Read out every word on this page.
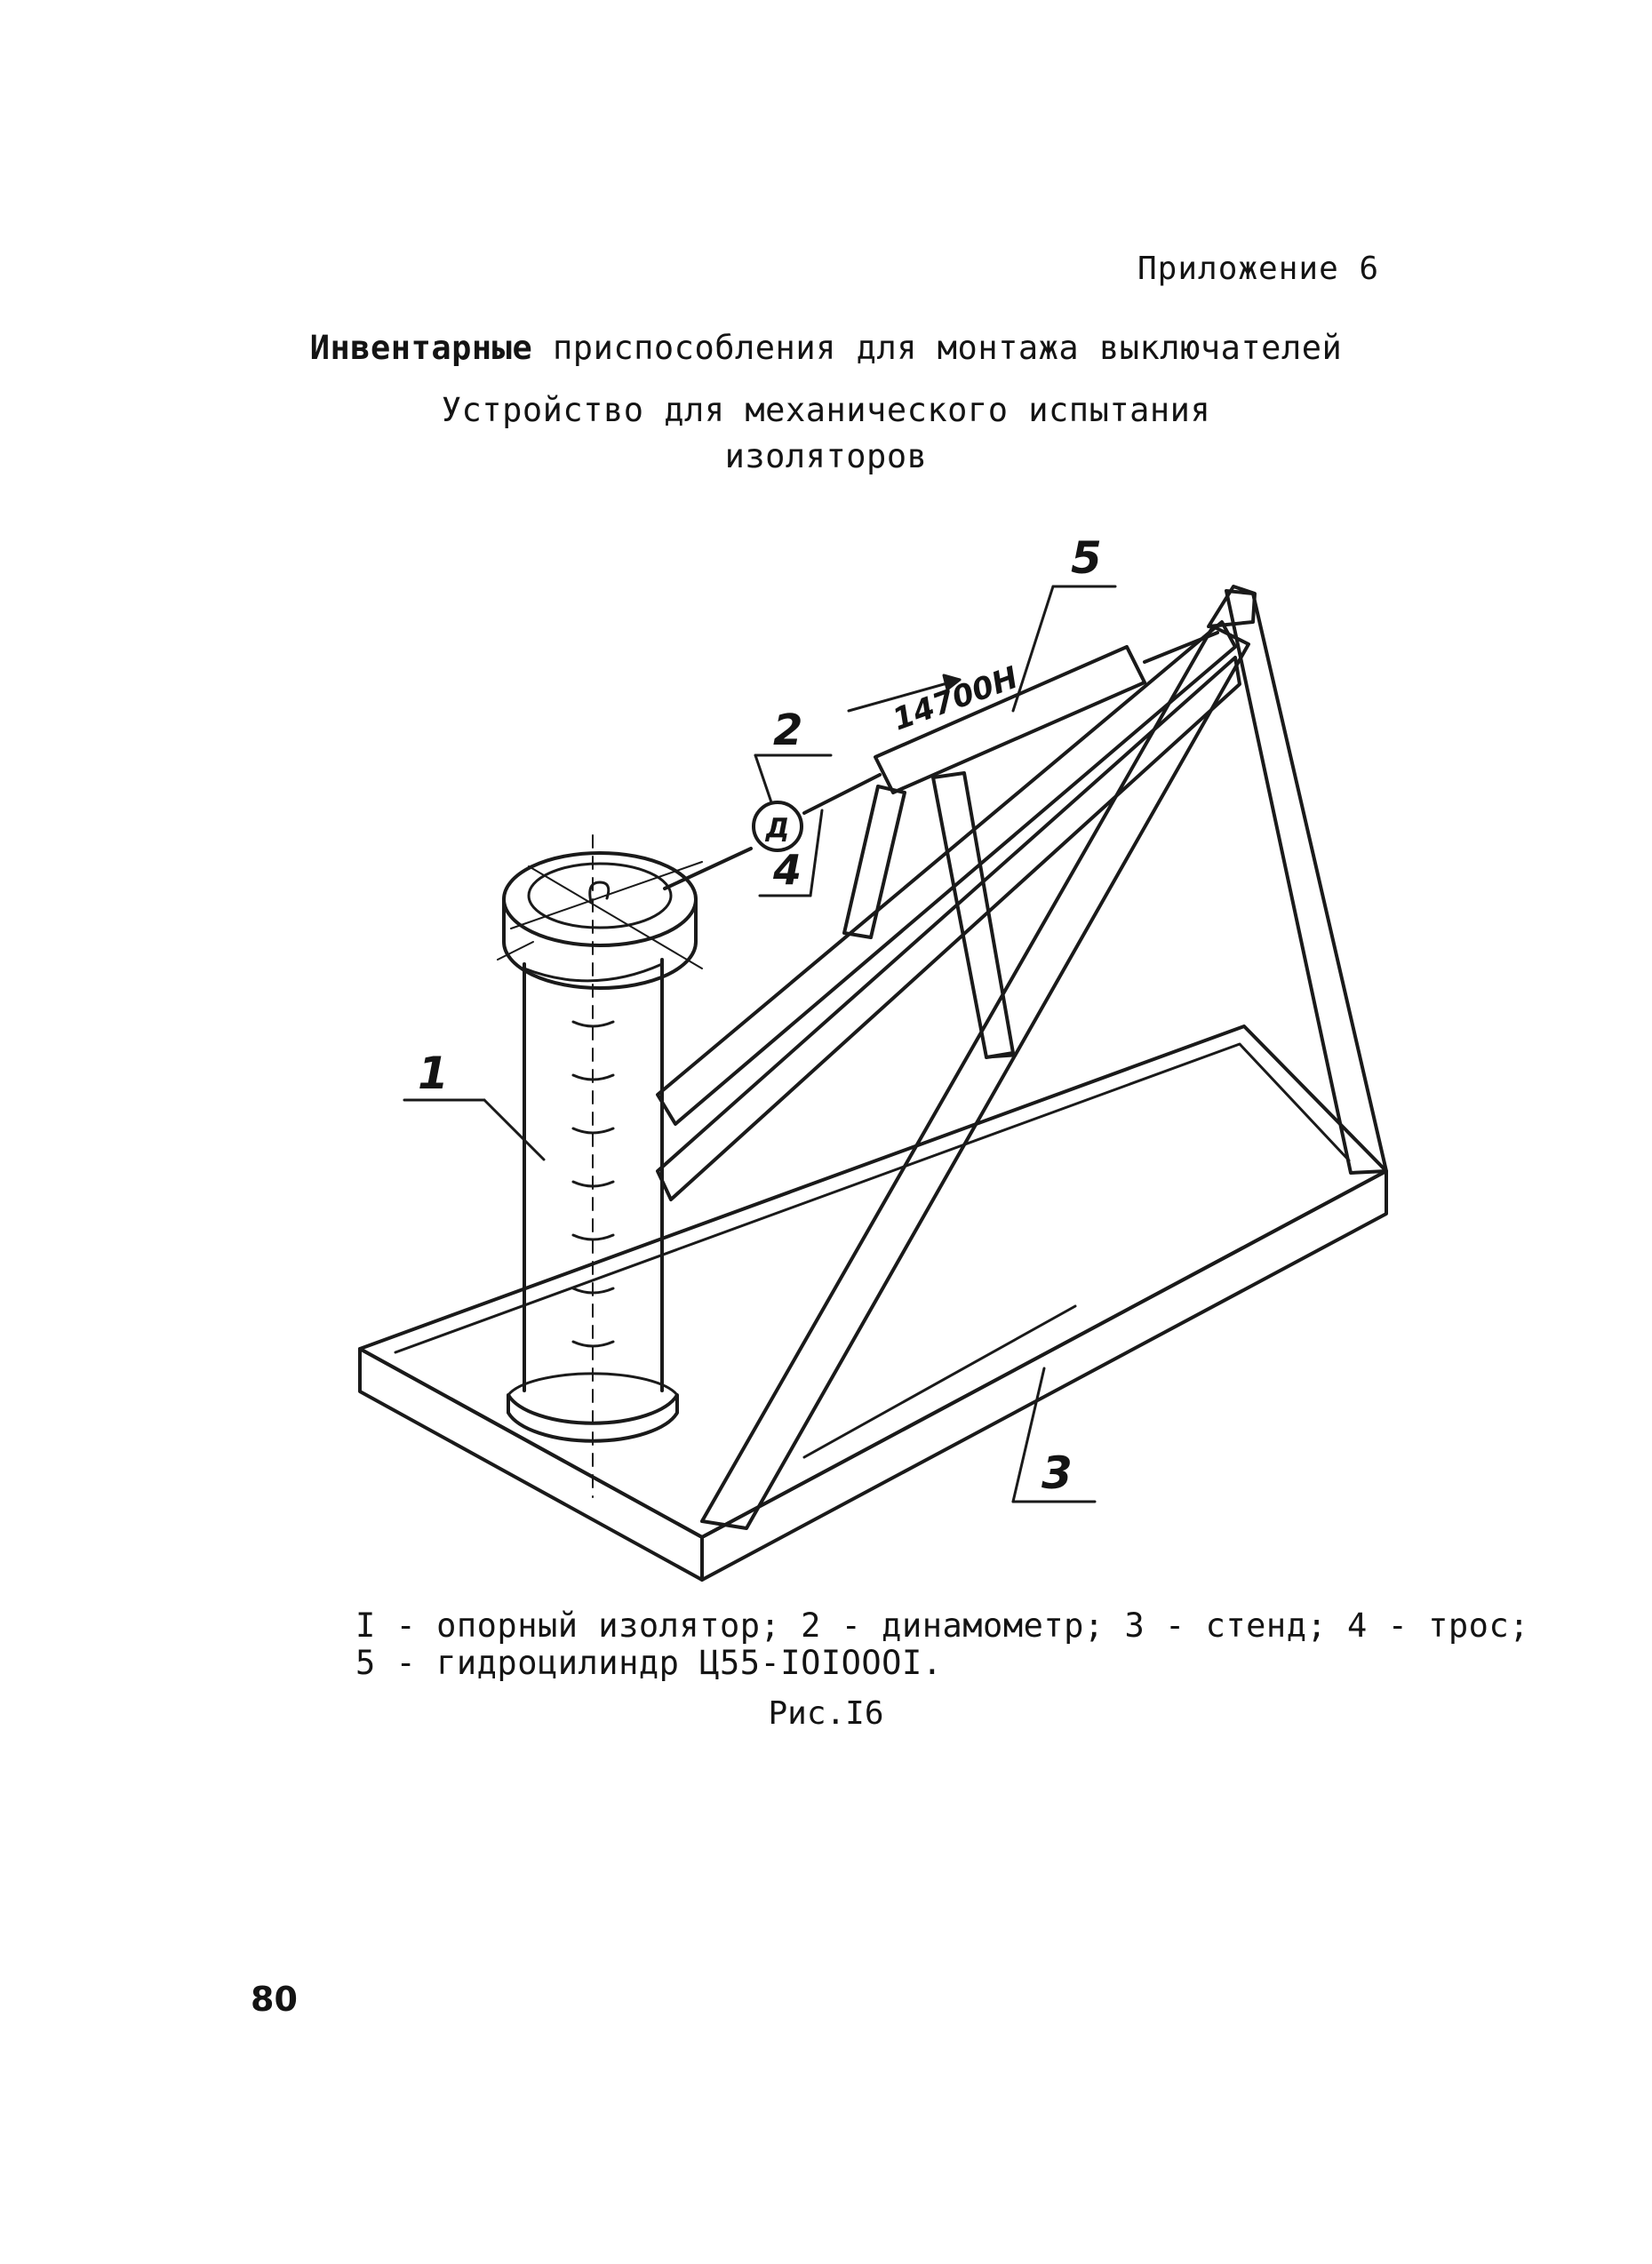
Приложение 6

Инвентарные приспособления для монтажа выключателей

Устройство для механического испытания

изоляторов

Д
14700Н
5
2
4
1
3

I - опорный изолятор; 2 - динамометр; 3 - стенд; 4 - трос;

5 - гидроцилиндр Ц55-IOIOOOI.

Рис.I6

80
